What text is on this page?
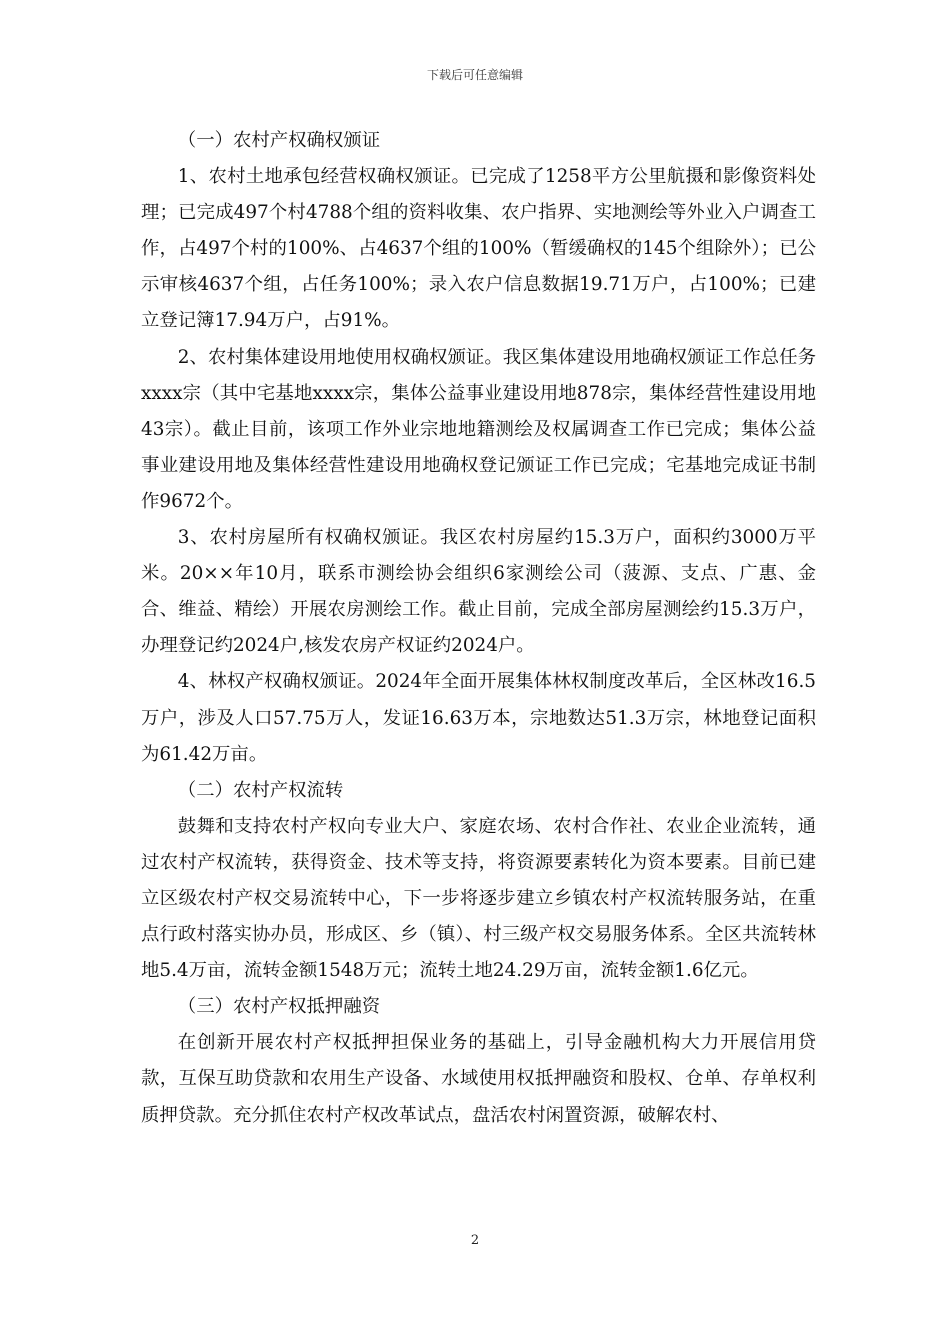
下载后可任意编辑

（一）农村产权确权颁证

1、农村土地承包经营权确权颁证。已完成了1258平方公里航摄和影像资料处理；已完成497个村4788个组的资料收集、农户指界、实地测绘等外业入户调查工作，占497个村的100%、占4637个组的100%（暂缓确权的145个组除外）；已公示审核4637个组，占任务100%；录入农户信息数据19.71万户，占100%；已建立登记簿17.94万户，占91%。

2、农村集体建设用地使用权确权颁证。我区集体建设用地确权颁证工作总任务xxxx宗（其中宅基地xxxx宗，集体公益事业建设用地878宗，集体经营性建设用地43宗）。截止目前，该项工作外业宗地地籍测绘及权属调查工作已完成；集体公益事业建设用地及集体经营性建设用地确权登记颁证工作已完成；宅基地完成证书制作9672个。

3、农村房屋所有权确权颁证。我区农村房屋约15.3万户，面积约3000万平米。20××年10月，联系市测绘协会组织6家测绘公司（菠源、支点、广惠、金合、维益、精绘）开展农房测绘工作。截止目前，完成全部房屋测绘约15.3万户，办理登记约2024户,核发农房产权证约2024户。

4、林权产权确权颁证。2024年全面开展集体林权制度改革后，全区林改16.5万户，涉及人口57.75万人，发证16.63万本，宗地数达51.3万宗，林地登记面积为61.42万亩。

（二）农村产权流转

鼓舞和支持农村产权向专业大户、家庭农场、农村合作社、农业企业流转，通过农村产权流转，获得资金、技术等支持，将资源要素转化为资本要素。目前已建立区级农村产权交易流转中心，下一步将逐步建立乡镇农村产权流转服务站，在重点行政村落实协办员，形成区、乡（镇）、村三级产权交易服务体系。全区共流转林地5.4万亩，流转金额1548万元；流转土地24.29万亩，流转金额1.6亿元。

（三）农村产权抵押融资

在创新开展农村产权抵押担保业务的基础上，引导金融机构大力开展信用贷款，互保互助贷款和农用生产设备、水域使用权抵押融资和股权、仓单、存单权利质押贷款。充分抓住农村产权改革试点，盘活农村闲置资源，破解农村、

2
